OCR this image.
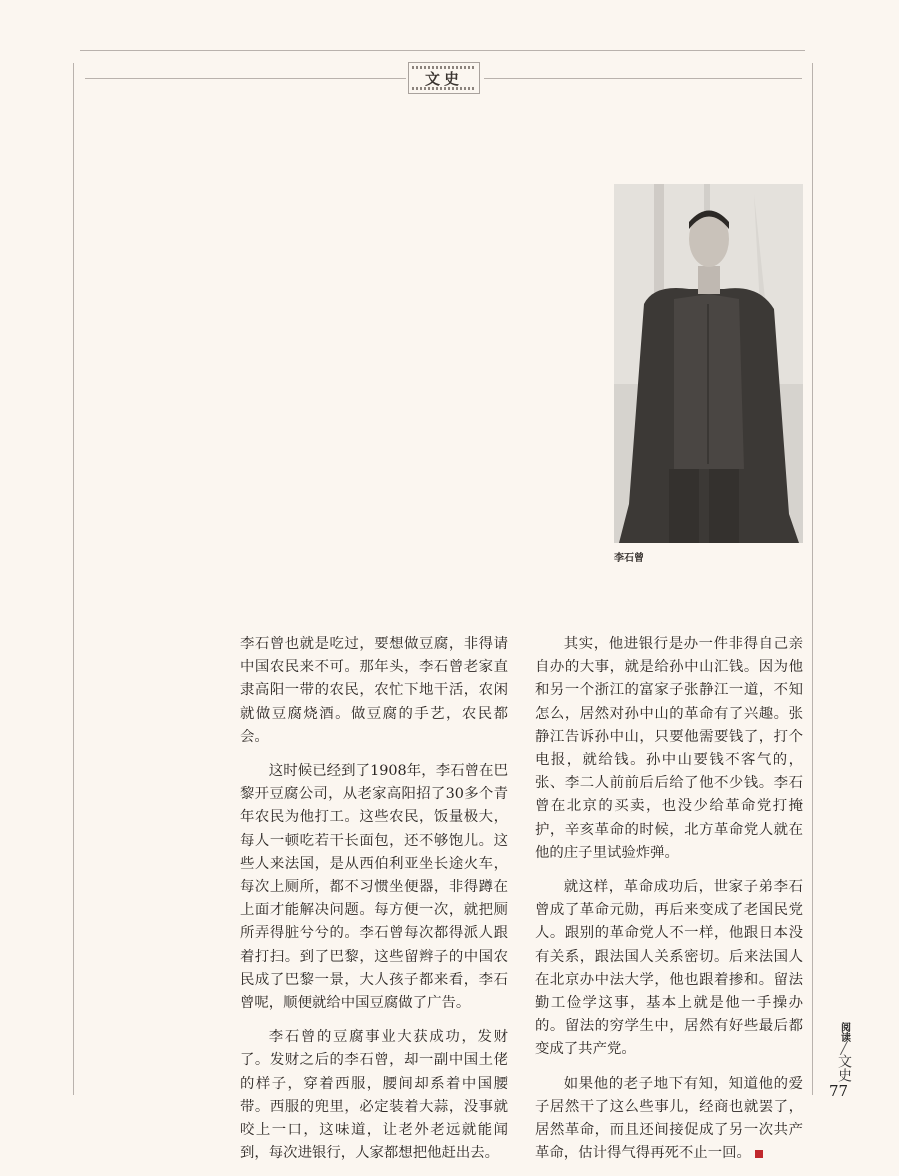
文史
李石曾

李石曾也就是吃过，要想做豆腐，非得请中国农民来不可。那年头，李石曾老家直隶高阳一带的农民，农忙下地干活，农闲就做豆腐烧酒。做豆腐的手艺，农民都会。

这时候已经到了1908年，李石曾在巴黎开豆腐公司，从老家高阳招了30多个青年农民为他打工。这些农民，饭量极大，每人一顿吃若干长面包，还不够饱儿。这些人来法国，是从西伯利亚坐长途火车，每次上厕所，都不习惯坐便器，非得蹲在上面才能解决问题。每方便一次，就把厕所弄得脏兮兮的。李石曾每次都得派人跟着打扫。到了巴黎，这些留辫子的中国农民成了巴黎一景，大人孩子都来看，李石曾呢，顺便就给中国豆腐做了广告。

李石曾的豆腐事业大获成功，发财了。发财之后的李石曾，却一副中国土佬的样子，穿着西服，腰间却系着中国腰带。西服的兜里，必定装着大蒜，没事就咬上一口，这味道，让老外老远就能闻到，每次进银行，人家都想把他赶出去。

其实，他进银行是办一件非得自己亲自办的大事，就是给孙中山汇钱。因为他和另一个浙江的富家子张静江一道，不知怎么，居然对孙中山的革命有了兴趣。张静江告诉孙中山，只要他需要钱了，打个电报，就给钱。孙中山要钱不客气的，张、李二人前前后后给了他不少钱。李石曾在北京的买卖，也没少给革命党打掩护，辛亥革命的时候，北方革命党人就在他的庄子里试验炸弹。

就这样，革命成功后，世家子弟李石曾成了革命元勋，再后来变成了老国民党人。跟别的革命党人不一样，他跟日本没有关系，跟法国人关系密切。后来法国人在北京办中法大学，他也跟着掺和。留法勤工俭学这事，基本上就是他一手操办的。留法的穷学生中，居然有好些最后都变成了共产党。

如果他的老子地下有知，知道他的爱子居然干了这么些事儿，经商也就罢了，居然革命，而且还间接促成了另一次共产革命，估计得气得再死不止一回。

阅读
╱
文史
77
